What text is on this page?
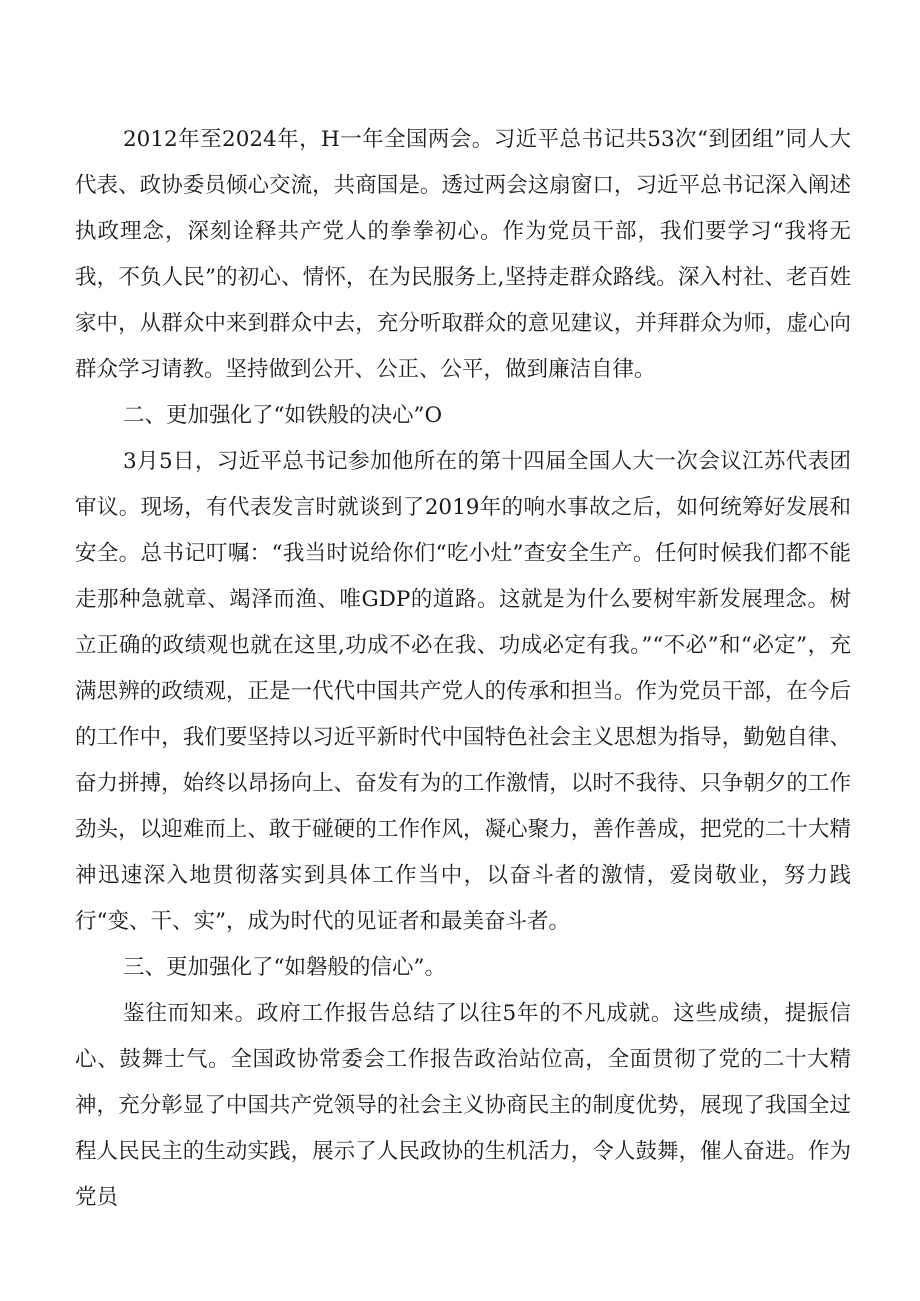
2012年至2024年，H一年全国两会。习近平总书记共53次“到团组”同人大代表、政协委员倾心交流，共商国是。透过两会这扇窗口，习近平总书记深入阐述执政理念，深刻诠释共产党人的拳拳初心。作为党员干部，我们要学习“我将无我，不负人民”的初心、情怀，在为民服务上,坚持走群众路线。深入村社、老百姓家中，从群众中来到群众中去，充分听取群众的意见建议，并拜群众为师，虚心向群众学习请教。坚持做到公开、公正、公平，做到廉洁自律。

二、更加强化了“如铁般的决心”O

3月5日，习近平总书记参加他所在的第十四届全国人大一次会议江苏代表团审议。现场，有代表发言时就谈到了2019年的响水事故之后，如何统筹好发展和安全。总书记叮嘱：“我当时说给你们“吃小灶”查安全生产。任何时候我们都不能走那种急就章、竭泽而渔、唯GDP的道路。这就是为什么要树牢新发展理念。树立正确的政绩观也就在这里,功成不必在我、功成必定有我。”“不必”和“必定”，充满思辨的政绩观，正是一代代中国共产党人的传承和担当。作为党员干部，在今后的工作中，我们要坚持以习近平新时代中国特色社会主义思想为指导，勤勉自律、奋力拼搏，始终以昂扬向上、奋发有为的工作激情，以时不我待、只争朝夕的工作劲头，以迎难而上、敢于碰硬的工作作风，凝心聚力，善作善成，把党的二十大精神迅速深入地贯彻落实到具体工作当中，以奋斗者的激情，爱岗敬业，努力践行“变、干、实”，成为时代的见证者和最美奋斗者。

三、更加强化了“如磐般的信心”。

鉴往而知来。政府工作报告总结了以往5年的不凡成就。这些成绩，提振信心、鼓舞士气。全国政协常委会工作报告政治站位高，全面贯彻了党的二十大精神，充分彰显了中国共产党领导的社会主义协商民主的制度优势，展现了我国全过程人民民主的生动实践，展示了人民政协的生机活力，令人鼓舞，催人奋进。作为党员
